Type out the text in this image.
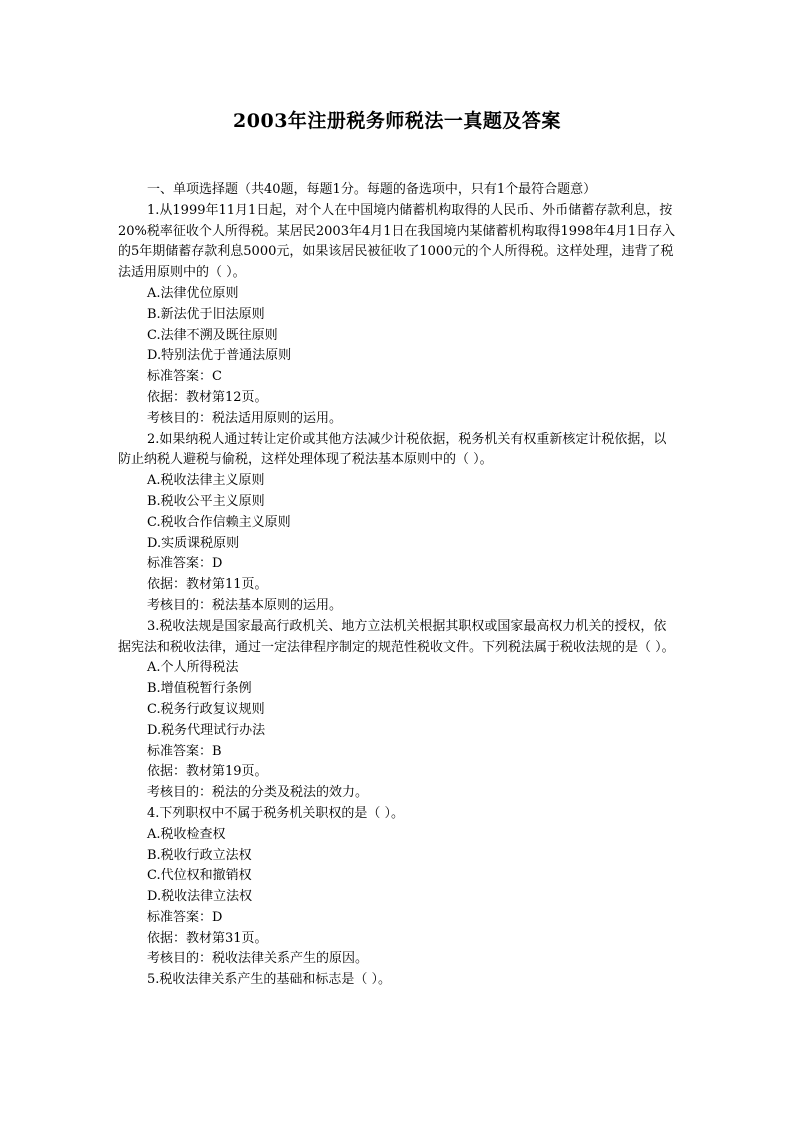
2003年注册税务师税法一真题及答案

一、单项选择题（共40题，每题1分。每题的备选项中，只有1个最符合题意）

1.从1999年11月1日起，对个人在中国境内储蓄机构取得的人民币、外币储蓄存款利息，按20%税率征收个人所得税。某居民2003年4月1日在我国境内某储蓄机构取得1998年4月1日存入的5年期储蓄存款利息5000元，如果该居民被征收了1000元的个人所得税。这样处理，违背了税法适用原则中的（ ）。

A.法律优位原则

B.新法优于旧法原则

C.法律不溯及既往原则

D.特别法优于普通法原则

标准答案：C

依据：教材第12页。

考核目的：税法适用原则的运用。

2.如果纳税人通过转让定价或其他方法减少计税依据，税务机关有权重新核定计税依据，以防止纳税人避税与偷税，这样处理体现了税法基本原则中的（ ）。

A.税收法律主义原则

B.税收公平主义原则

C.税收合作信赖主义原则

D.实质课税原则

标准答案：D

依据：教材第11页。

考核目的：税法基本原则的运用。

3.税收法规是国家最高行政机关、地方立法机关根据其职权或国家最高权力机关的授权，依据宪法和税收法律，通过一定法律程序制定的规范性税收文件。下列税法属于税收法规的是（ ）。

A.个人所得税法

B.增值税暂行条例

C.税务行政复议规则

D.税务代理试行办法

标准答案：B

依据：教材第19页。

考核目的：税法的分类及税法的效力。

4.下列职权中不属于税务机关职权的是（ ）。

A.税收检查权

B.税收行政立法权

C.代位权和撤销权

D.税收法律立法权

标准答案：D

依据：教材第31页。

考核目的：税收法律关系产生的原因。

5.税收法律关系产生的基础和标志是（ ）。
